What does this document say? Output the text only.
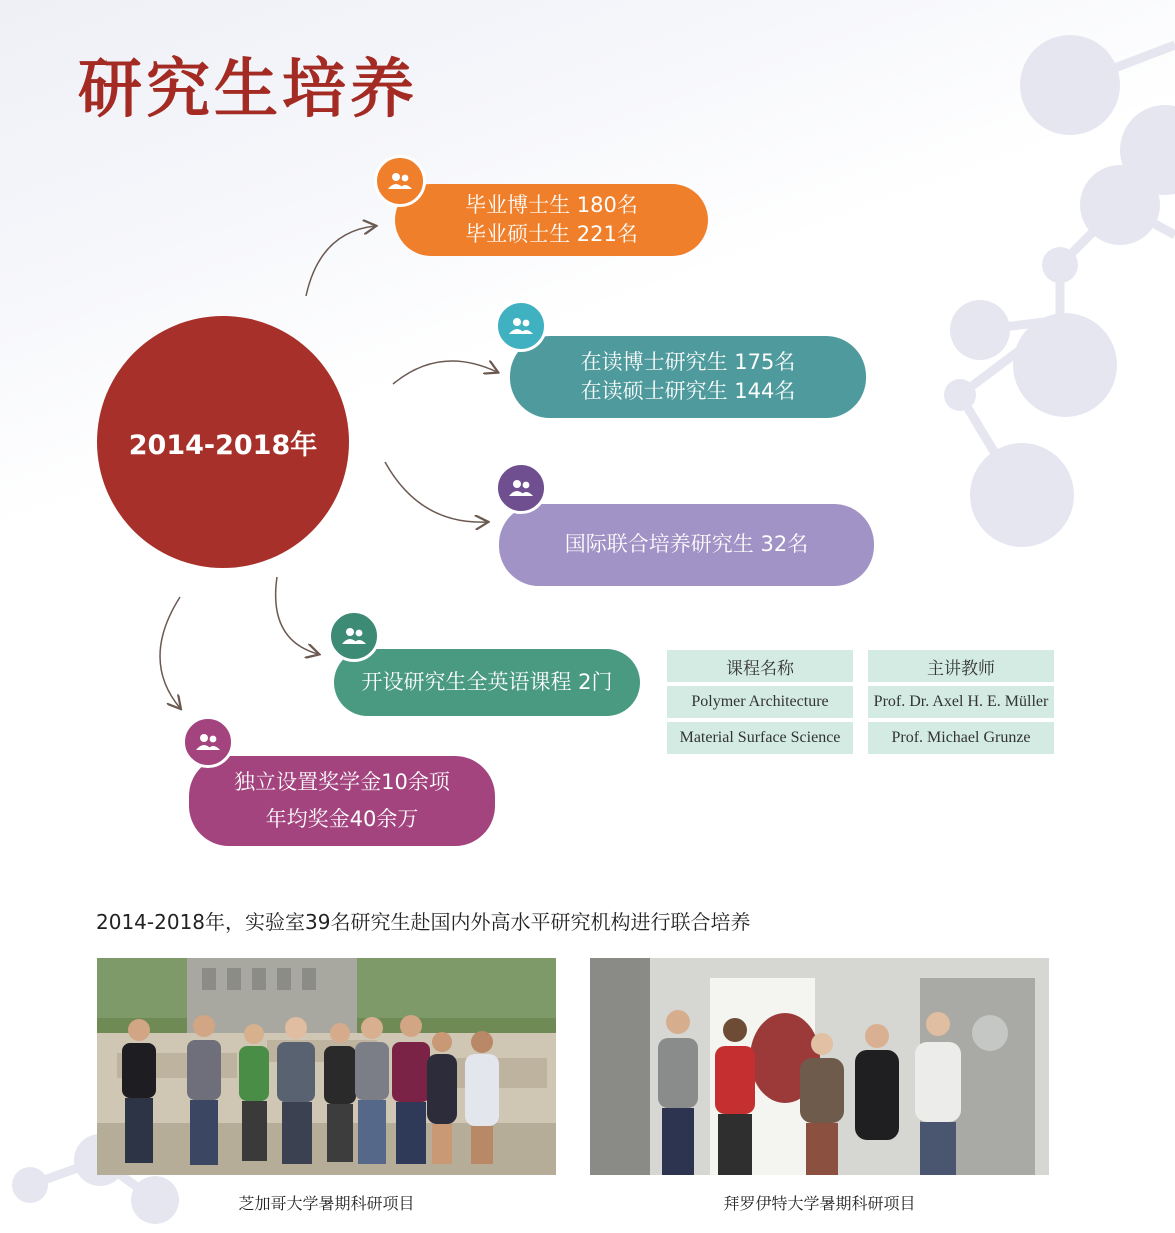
研究生培养
2014-2018年
毕业博士生 180名
毕业硕士生 221名
在读博士研究生 175名
在读硕士研究生 144名
国际联合培养研究生 32名
开设研究生全英语课程 2门
独立设置奖学金10余项
年均奖金40余万
课程名称	主讲教师
Polymer Architecture	Prof. Dr. Axel H. E. Müller
Material Surface Science	Prof. Michael Grunze
2014-2018年，实验室39名研究生赴国内外高水平研究机构进行联合培养
芝加哥大学暑期科研项目	拜罗伊特大学暑期科研项目
